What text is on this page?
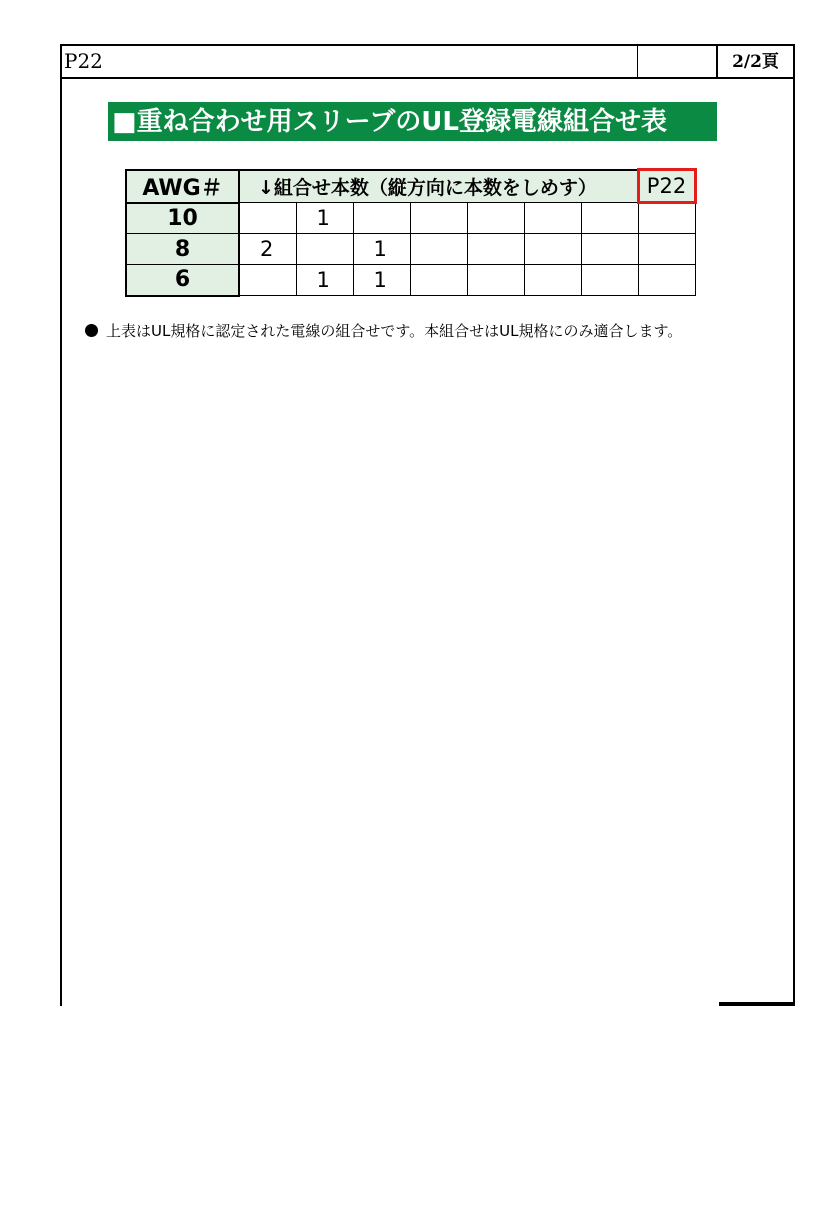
P22	2/2頁
■重ね合わせ用スリーブのUL登録電線組合せ表
AWG＃	↓組合せ本数（縦方向に本数をしめす）							P22
10		1						
8	2		1					
6		1	1					
上表はUL規格に認定された電線の組合せです。本組合せはUL規格にのみ適合します。
